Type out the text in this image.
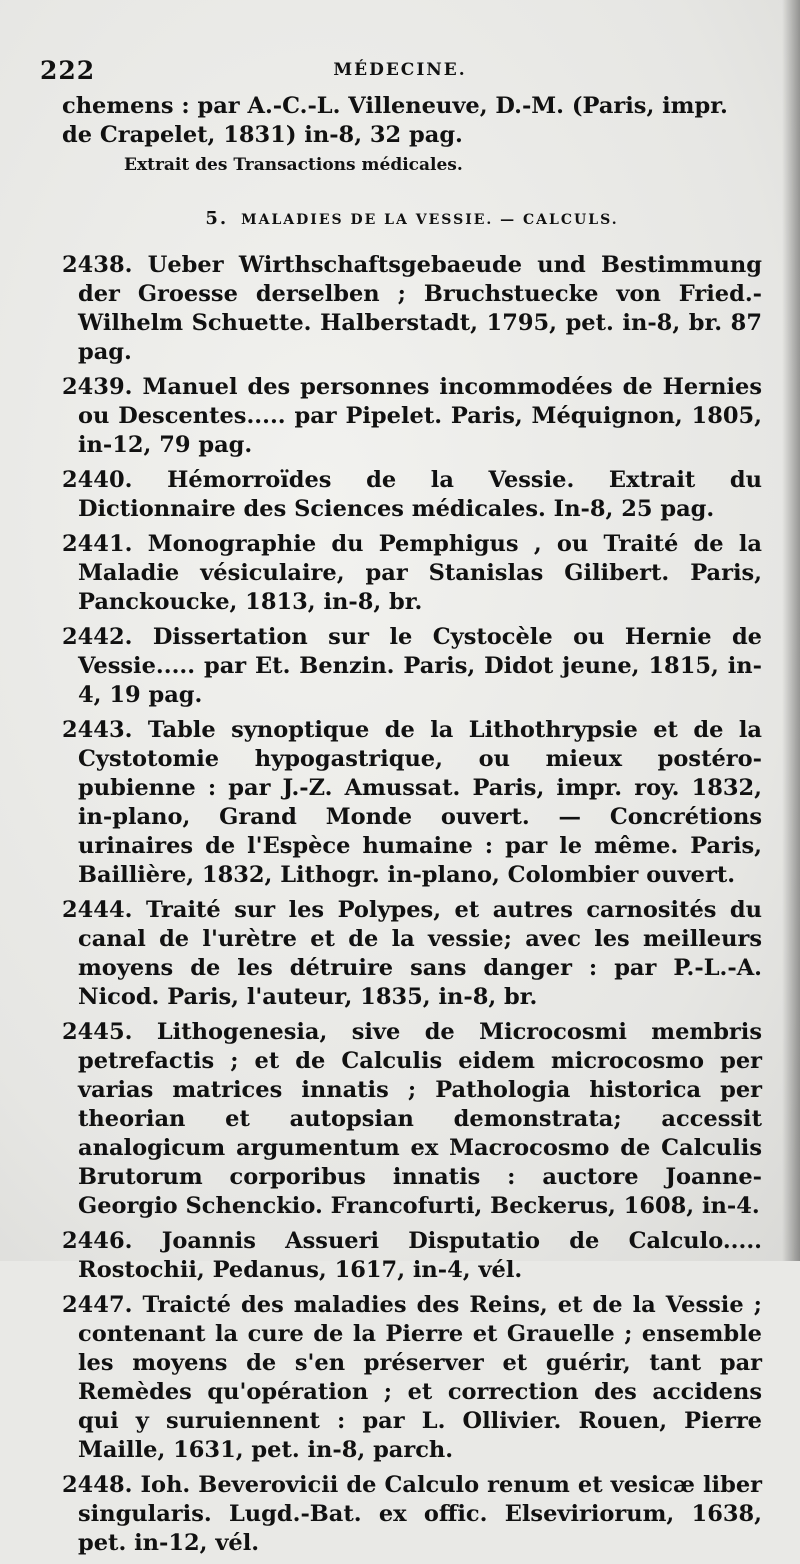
222	MÉDECINE.

chemens : par A.-C.-L. Villeneuve, D.-M. (Paris, impr. de Crapelet, 1831) in-8, 32 pag.

Extrait des Transactions médicales.

5. MALADIES DE LA VESSIE. — CALCULS.

2438. Ueber Wirthschaftsgebaeude und Bestimmung der Groesse derselben ; Bruchstuecke von Fried.-Wilhelm Schuette. Halberstadt, 1795, pet. in-8, br. 87 pag.

2439. Manuel des personnes incommodées de Hernies ou Descentes..... par Pipelet. Paris, Méquignon, 1805, in-12, 79 pag.

2440. Hémorroïdes de la Vessie. Extrait du Dictionnaire des Sciences médicales. In-8, 25 pag.

2441. Monographie du Pemphigus , ou Traité de la Maladie vésiculaire, par Stanislas Gilibert. Paris, Panckoucke, 1813, in-8, br.

2442. Dissertation sur le Cystocèle ou Hernie de Vessie..... par Et. Benzin. Paris, Didot jeune, 1815, in-4, 19 pag.

2443. Table synoptique de la Lithothrypsie et de la Cystotomie hypogastrique, ou mieux postéro-pubienne : par J.-Z. Amussat. Paris, impr. roy. 1832, in-plano, Grand Monde ouvert. — Concrétions urinaires de l'Espèce humaine : par le même. Paris, Baillière, 1832, Lithogr. in-plano, Colombier ouvert.

2444. Traité sur les Polypes, et autres carnosités du canal de l'urètre et de la vessie; avec les meilleurs moyens de les détruire sans danger : par P.-L.-A. Nicod. Paris, l'auteur, 1835, in-8, br.

2445. Lithogenesia, sive de Microcosmi membris petrefactis ; et de Calculis eidem microcosmo per varias matrices innatis ; Pathologia historica per theorian et autopsian demonstrata; accessit analogicum argumentum ex Macrocosmo de Calculis Brutorum corporibus innatis : auctore Joanne-Georgio Schenckio. Francofurti, Beckerus, 1608, in-4.

2446. Joannis Assueri Disputatio de Calculo..... Rostochii, Pedanus, 1617, in-4, vél.

2447. Traicté des maladies des Reins, et de la Vessie ; contenant la cure de la Pierre et Grauelle ; ensemble les moyens de s'en préserver et guérir, tant par Remèdes qu'opération ; et correction des accidens qui y suruiennent : par L. Ollivier. Rouen, Pierre Maille, 1631, pet. in-8, parch.

2448. Ioh. Beverovicii de Calculo renum et vesicæ liber singularis. Lugd.-Bat. ex offic. Elseviriorum, 1638, pet. in-12, vél.
